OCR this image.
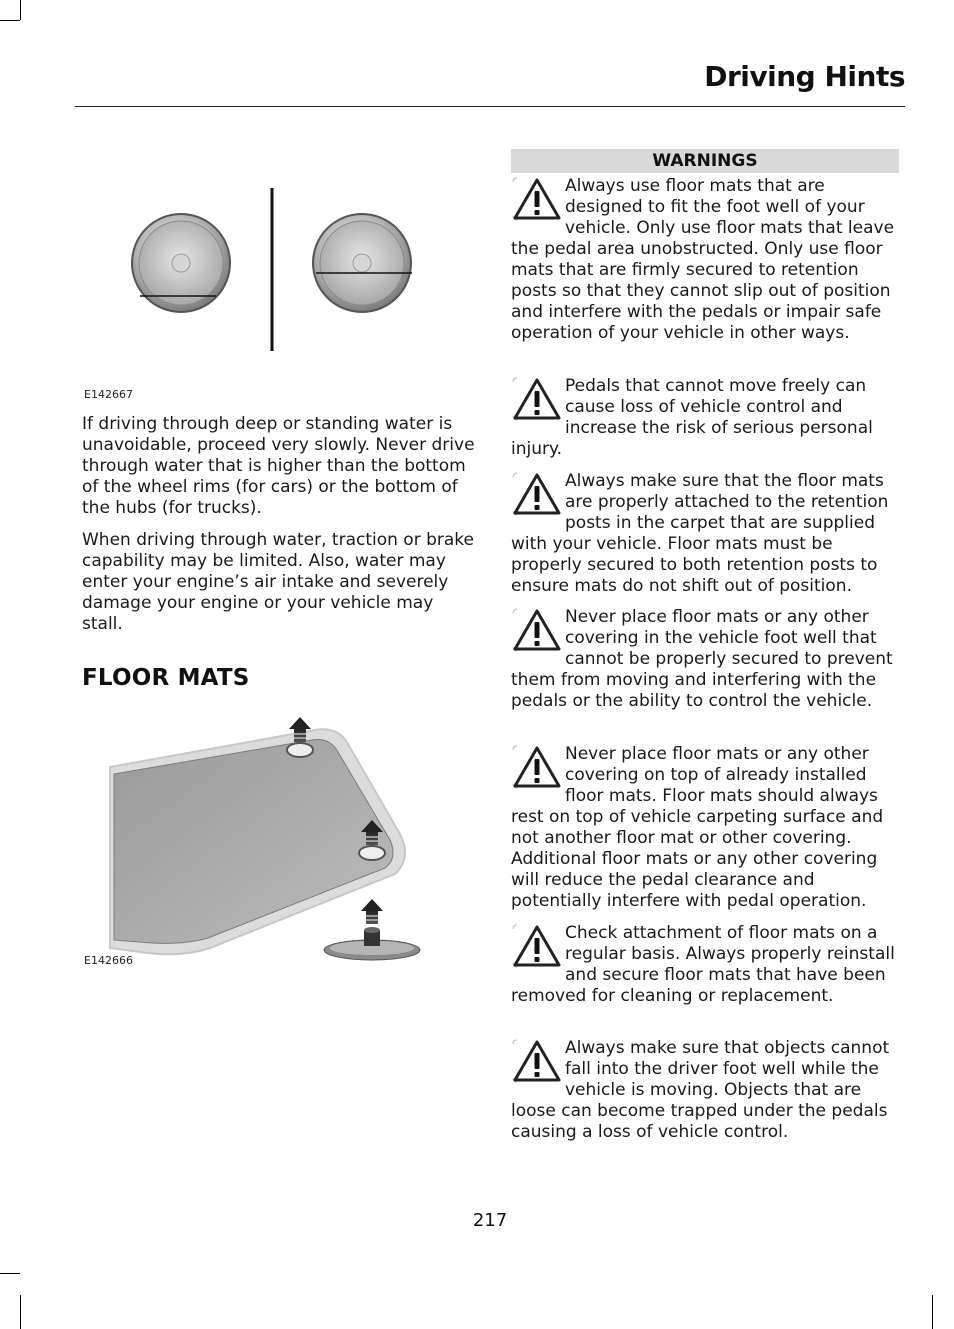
Driving Hints
E142667

If driving through deep or standing water is unavoidable, proceed very slowly. Never drive through water that is higher than the bottom of the wheel rims (for cars) or the bottom of the hubs (for trucks).

When driving through water, traction or brake capability may be limited. Also, water may enter your engine’s air intake and severely damage your engine or your vehicle may stall.

FLOOR MATS
E142666
WARNINGS

Always use floor mats that are designed to fit the foot well of your vehicle. Only use floor mats that leave the pedal area unobstructed. Only use floor mats that are firmly secured to retention posts so that they cannot slip out of position and interfere with the pedals or impair safe operation of your vehicle in other ways.

Pedals that cannot move freely can cause loss of vehicle control and increase the risk of serious personal injury.

Always make sure that the floor mats are properly attached to the retention posts in the carpet that are supplied with your vehicle. Floor mats must be properly secured to both retention posts to ensure mats do not shift out of position.

Never place floor mats or any other covering in the vehicle foot well that cannot be properly secured to prevent them from moving and interfering with the pedals or the ability to control the vehicle.

Never place floor mats or any other covering on top of already installed floor mats. Floor mats should always rest on top of vehicle carpeting surface and not another floor mat or other covering. Additional floor mats or any other covering will reduce the pedal clearance and potentially interfere with pedal operation.

Check attachment of floor mats on a regular basis. Always properly reinstall and secure floor mats that have been removed for cleaning or replacement.

Always make sure that objects cannot fall into the driver foot well while the vehicle is moving. Objects that are loose can become trapped under the pedals causing a loss of vehicle control.

217
